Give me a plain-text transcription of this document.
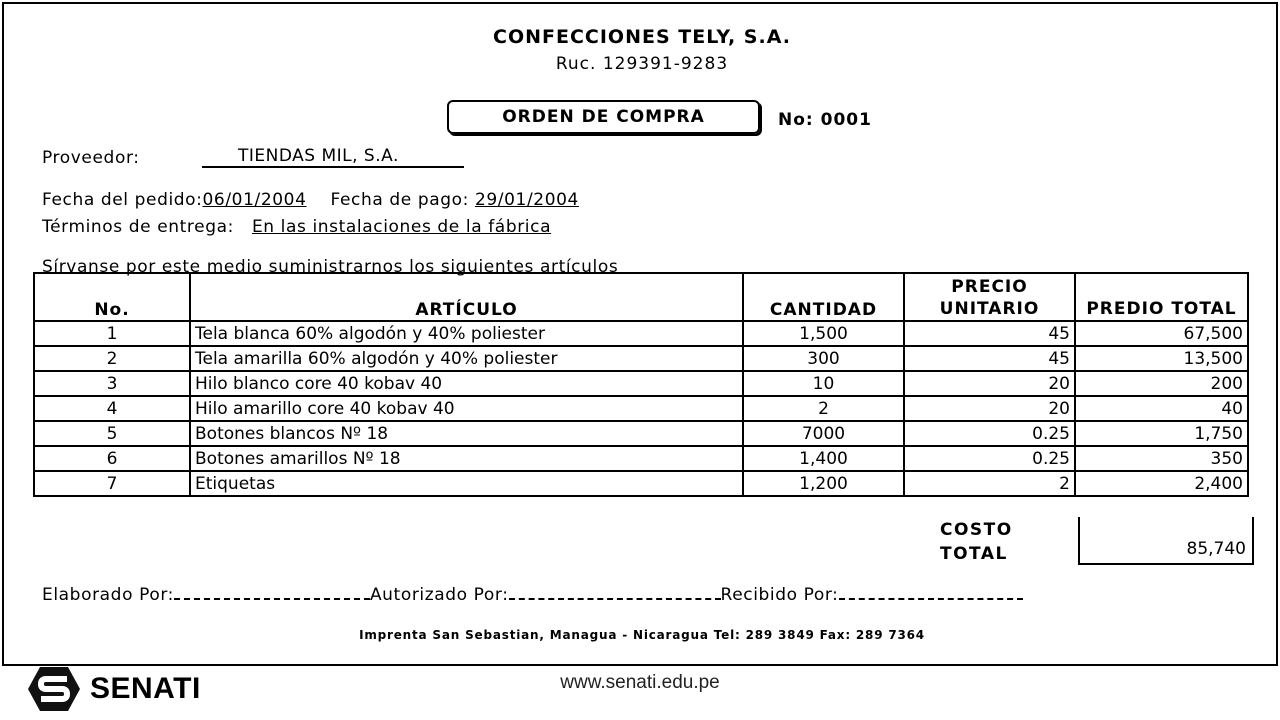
CONFECCIONES TELY, S.A.
Ruc. 129391-9283
ORDEN DE COMPRA	No: 0001
Proveedor:	TIENDAS MIL, S.A.
Fecha del pedido:06/01/2004 Fecha de pago: 29/01/2004
Términos de entrega: En las instalaciones de la fábrica
Sírvanse por este medio suministrarnos los siguientes artículos
COSTO
TOTAL	85,740
Elaborado Por:	Autorizado Por:	Recibido Por:
Imprenta San Sebastian, Managua - Nicaragua Tel: 289 3849 Fax: 289 7364
No.	ARTÍCULO	CANTIDAD	PRECIO UNITARIO	PREDIO TOTAL
1	Tela blanca 60% algodón y 40% poliester	1,500	45	67,500
2	Tela amarilla 60% algodón y 40% poliester	300	45	13,500
3	Hilo blanco core 40 kobav 40	10	20	200
4	Hilo amarillo core 40 kobav 40	2	20	40
5	Botones blancos Nº 18	7000	0.25	1,750
6	Botones amarillos Nº 18	1,400	0.25	350
7	Etiquetas	1,200	2	2,400
SENATI	www.senati.edu.pe
